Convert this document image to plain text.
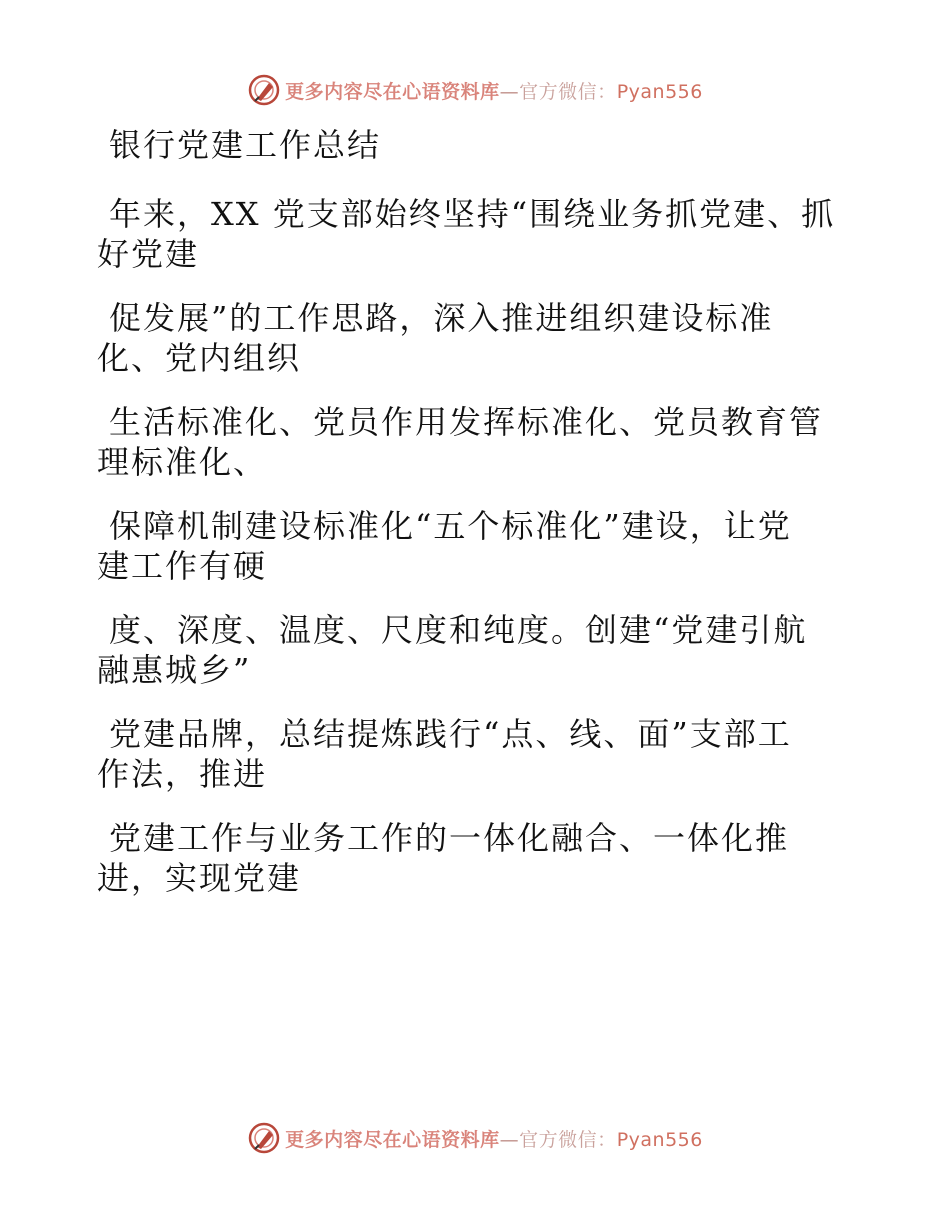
更多内容尽在心语资料库—官方微信：Pyan556
银行党建工作总结
年来，XX 党支部始终坚持“围绕业务抓党建、抓
好党建
促发展”的工作思路，深入推进组织建设标准
化、党内组织
生活标准化、党员作用发挥标准化、党员教育管
理标准化、
保障机制建设标准化“五个标准化”建设，让党
建工作有硬
度、深度、温度、尺度和纯度。创建“党建引航
融惠城乡”
党建品牌，总结提炼践行“点、线、面”支部工
作法，推进
党建工作与业务工作的一体化融合、一体化推
进，实现党建
更多内容尽在心语资料库—官方微信：Pyan556
